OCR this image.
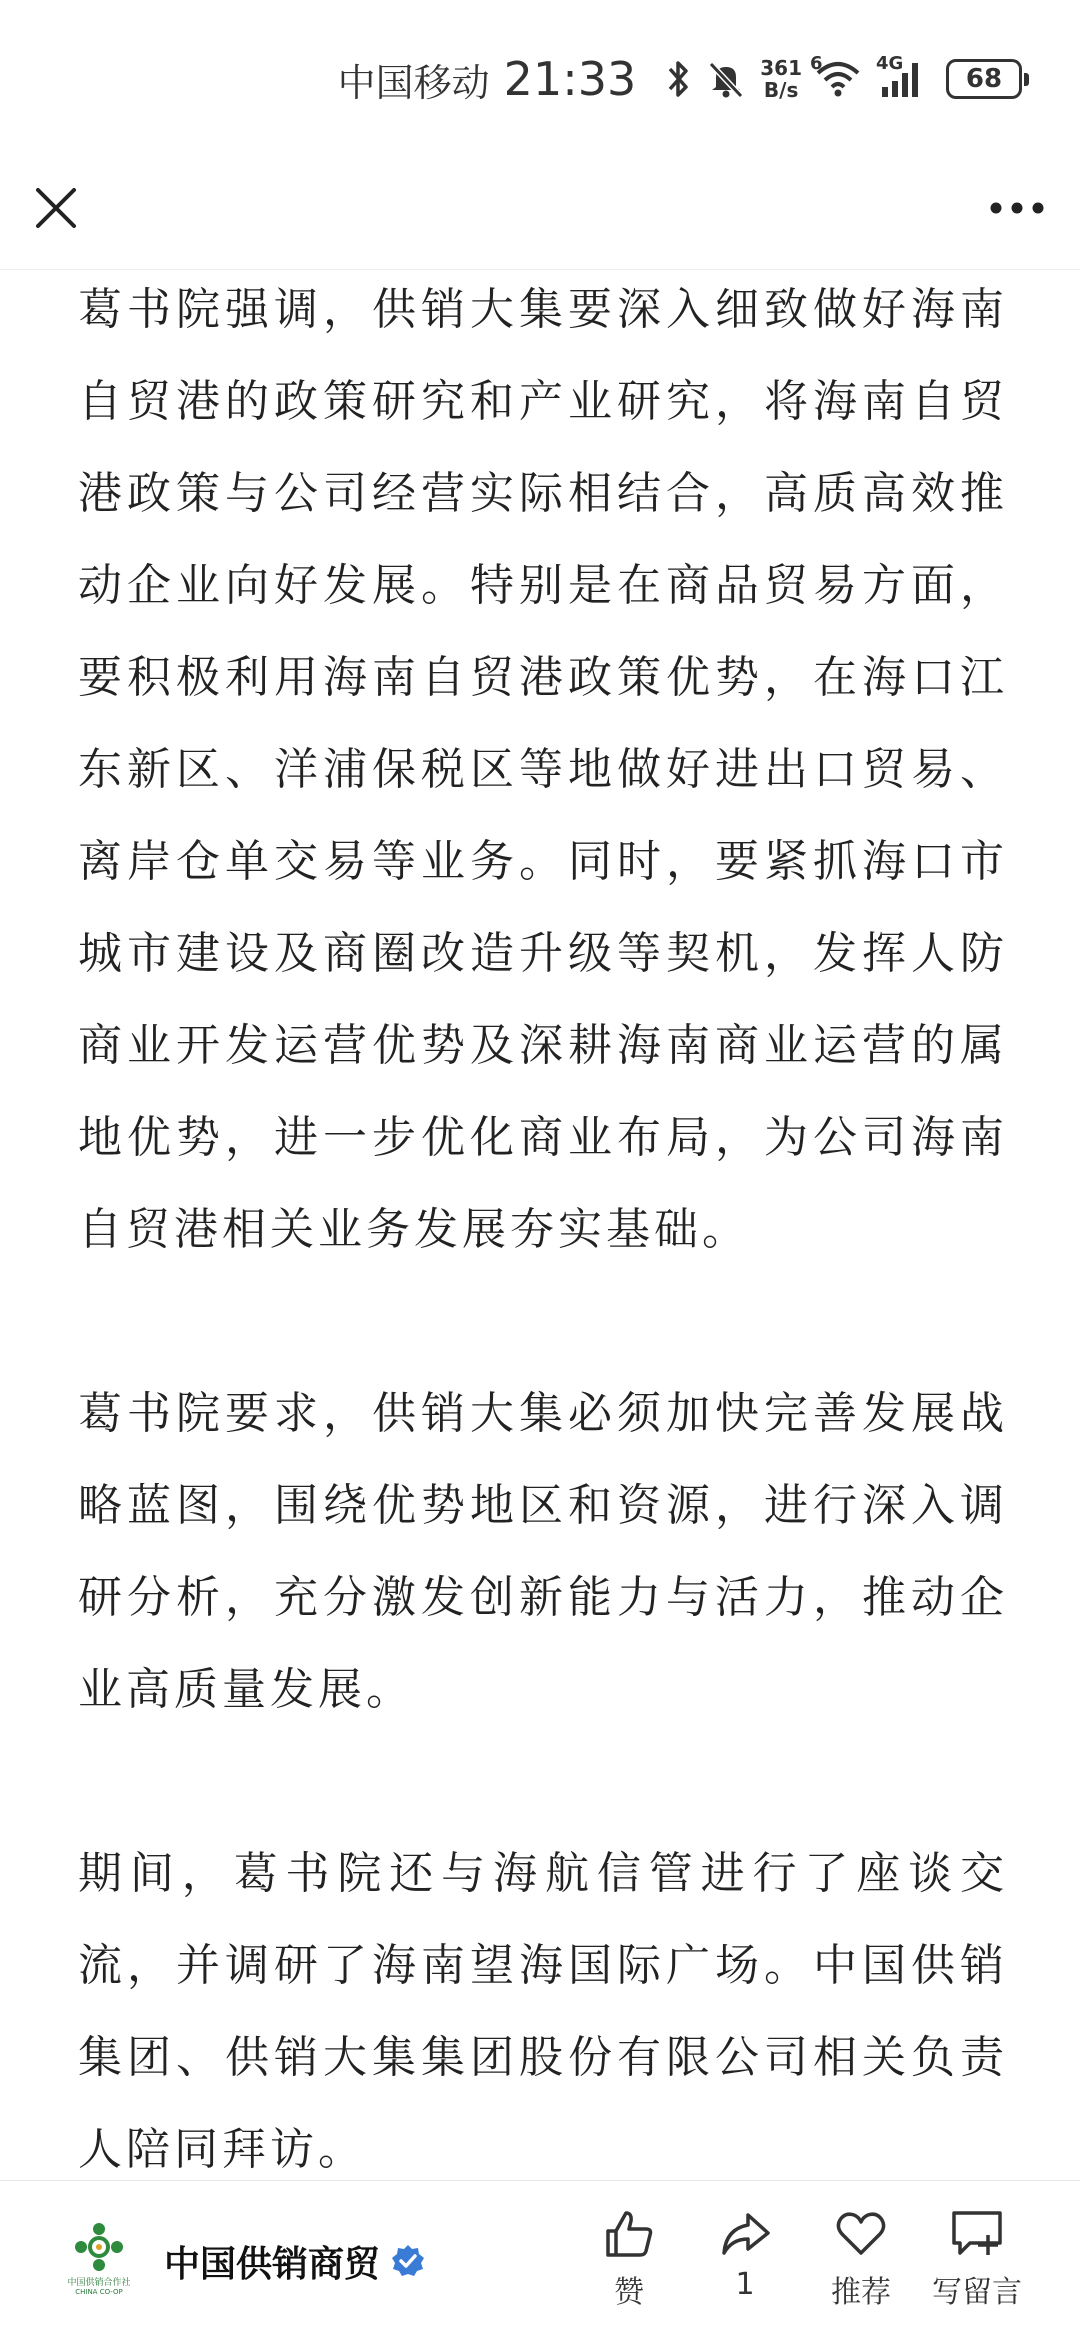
中国移动 21:33	361
B/s
6	4G
68

葛书院强调，供销大集要深入细致做好海南自贸港的政策研究和产业研究，将海南自贸港政策与公司经营实际相结合，高质高效推动企业向好发展。特别是在商品贸易方面，要积极利用海南自贸港政策优势，在海口江东新区、洋浦保税区等地做好进出口贸易、离岸仓单交易等业务。同时，要紧抓海口市城市建设及商圈改造升级等契机，发挥人防商业开发运营优势及深耕海南商业运营的属地优势，进一步优化商业布局，为公司海南自贸港相关业务发展夯实基础。

葛书院要求，供销大集必须加快完善发展战略蓝图，围绕优势地区和资源，进行深入调研分析，充分激发创新能力与活力，推动企业高质量发展。

期间，葛书院还与海航信管进行了座谈交流，并调研了海南望海国际广场。中国供销集团、供销大集集团股份有限公司相关负责人陪同拜访。

中国供销合作社
CHINA CO-OP
中国供销商贸
赞	1	推荐 写留言
